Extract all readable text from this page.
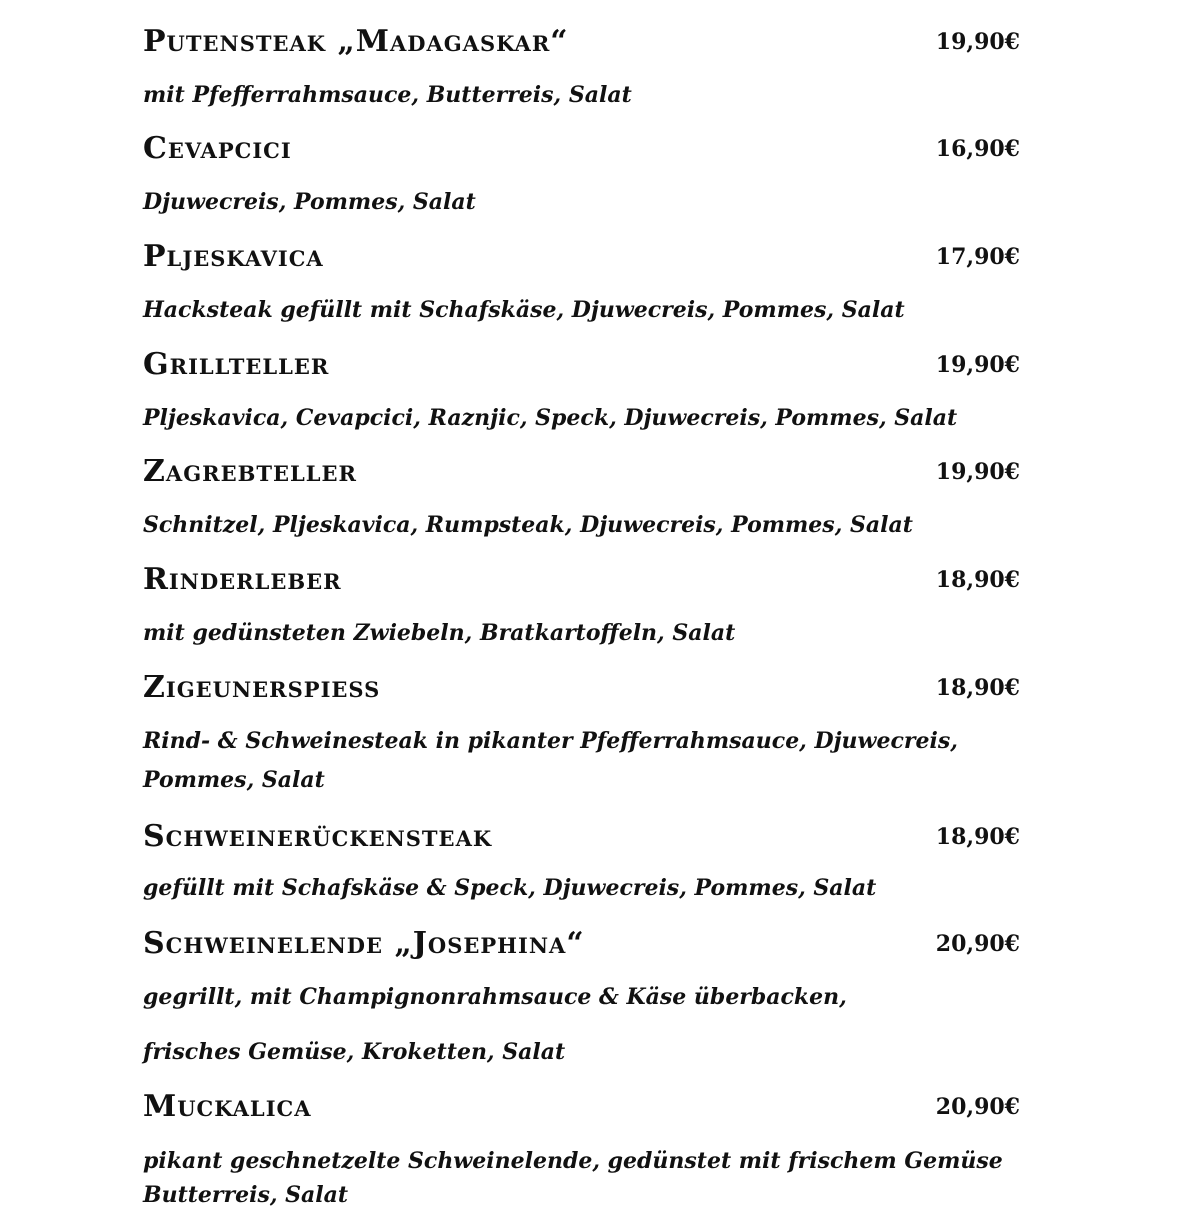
Putensteak „Madagaskar“	19,90€
mit Pfefferrahmsauce, Butterreis, Salat
Cevapcici	16,90€
Djuwecreis, Pommes, Salat
Pljeskavica	17,90€
Hacksteak gefüllt mit Schafskäse, Djuwecreis, Pommes, Salat
Grillteller	19,90€
Pljeskavica, Cevapcici, Raznjic, Speck, Djuwecreis, Pommes, Salat
Zagrebteller	19,90€
Schnitzel, Pljeskavica, Rumpsteak, Djuwecreis, Pommes, Salat
Rinderleber	18,90€
mit gedünsteten Zwiebeln, Bratkartoffeln, Salat
Zigeunerspiess	18,90€
Rind- & Schweinesteak in pikanter Pfefferrahmsauce, Djuwecreis,
Pommes, Salat
Schweinerückensteak	18,90€
gefüllt mit Schafskäse & Speck, Djuwecreis, Pommes, Salat
Schweinelende „Josephina“	20,90€
gegrillt, mit Champignonrahmsauce & Käse überbacken,
frisches Gemüse, Kroketten, Salat
Muckalica	20,90€
pikant geschnetzelte Schweinelende, gedünstet mit frischem Gemüse
Butterreis, Salat
